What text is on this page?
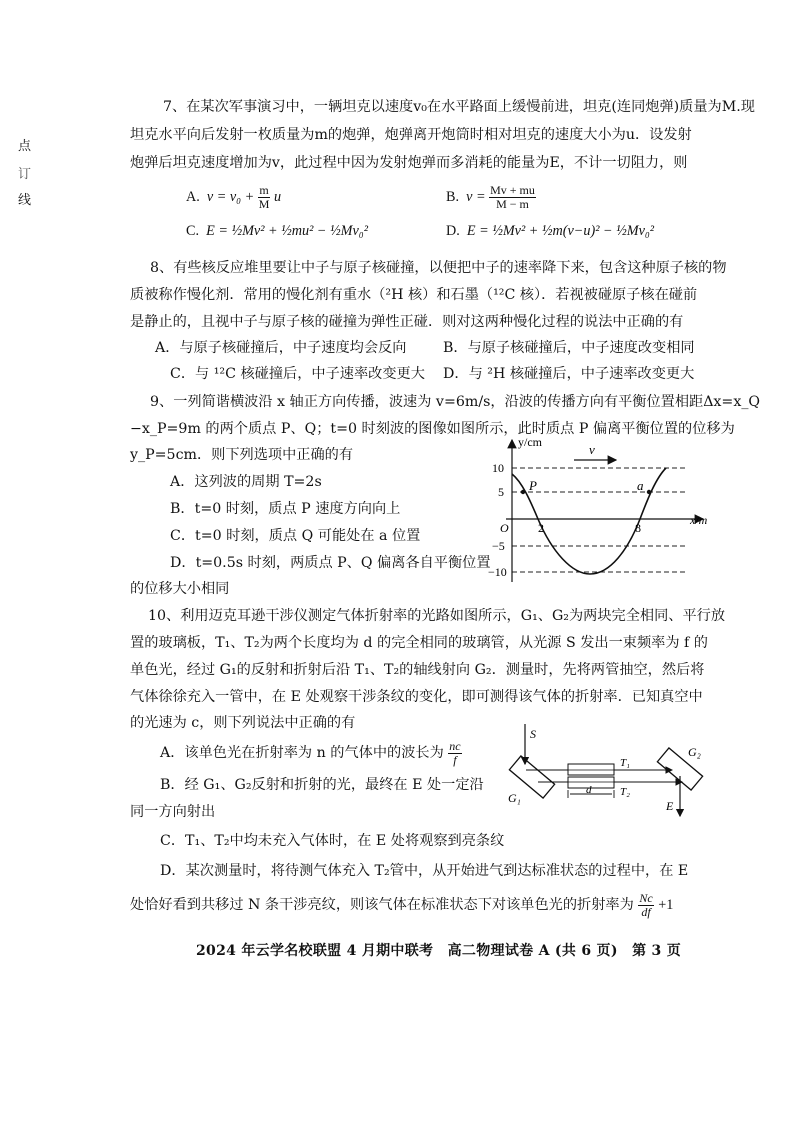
点
订
线
7、在某次军事演习中，一辆坦克以速度v₀在水平路面上缓慢前进，坦克(连同炮弹)质量为M.现
坦克水平向后发射一枚质量为m的炮弹，炮弹离开炮筒时相对坦克的速度大小为u．设发射
炮弹后坦克速度增加为v，此过程中因为发射炮弹而多消耗的能量为E，不计一切阻力，则
A. $v = v_0 + \frac{m}{M}$ u	B. $v = \frac{Mv + mu}{M - m}$
C. E = ½Mv² + ½mu² − ½Mv₀²	D. E = ½Mv² + ½m(v−u)² − ½Mv₀²
8、有些核反应堆里要让中子与原子核碰撞，以便把中子的速率降下来，包含这种原子核的物
质被称作慢化剂．常用的慢化剂有重水（²H 核）和石墨（¹²C 核）．若视被碰原子核在碰前
是静止的，且视中子与原子核的碰撞为弹性正碰．则对这两种慢化过程的说法中正确的有
A．与原子核碰撞后，中子速度均会反向	B．与原子核碰撞后，中子速度改变相同
C．与 ¹²C 核碰撞后，中子速率改变更大 D．与 ²H 核碰撞后，中子速率改变更大
9、一列简谐横波沿 x 轴正方向传播，波速为 v=6m/s，沿波的传播方向有平衡位置相距Δx=x_Q
−x_P=9m 的两个质点 P、Q；t=0 时刻波的图像如图所示，此时质点 P 偏离平衡位置的位移为
y_P=5cm．则下列选项中正确的有
A．这列波的周期 T=2s
B．t=0 时刻，质点 P 速度方向向上
C．t=0 时刻，质点 Q 可能处在 a 位置
D．t=0.5s 时刻，两质点 P、Q 偏离各自平衡位置
的位移大小相同
y/cm
x/m
v
10
5
−5
−10
O 2	8
P	a
10、利用迈克耳逊干涉仪测定气体折射率的光路如图所示，G₁、G₂为两块完全相同、平行放
置的玻璃板，T₁、T₂为两个长度均为 d 的完全相同的玻璃管，从光源 S 发出一束频率为 f 的
单色光，经过 G₁的反射和折射后沿 T₁、T₂的轴线射向 G₂．测量时，先将两管抽空，然后将
气体徐徐充入一管中，在 E 处观察干涉条纹的变化，即可测得该气体的折射率．已知真空中
的光速为 c，则下列说法中正确的有
A．该单色光在折射率为 n 的气体中的波长为 $\frac{nc}{f}$
B．经 G₁、G₂反射和折射的光，最终在 E 处一定沿
同一方向射出
C．T₁、T₂中均未充入气体时，在 E 处将观察到亮条纹
D．某次测量时，将待测气体充入 T₂管中，从开始进气到达标准状态的过程中，在 E
处恰好看到共移过 N 条干涉亮纹，则该气体在标准状态下对该单色光的折射率为 $\frac{Nc}{df} +1$
S
G₁
G₂
T₁
T₂
d
E
2024 年云学名校联盟 4 月期中联考　高二物理试卷 A (共 6 页)　第 3 页
